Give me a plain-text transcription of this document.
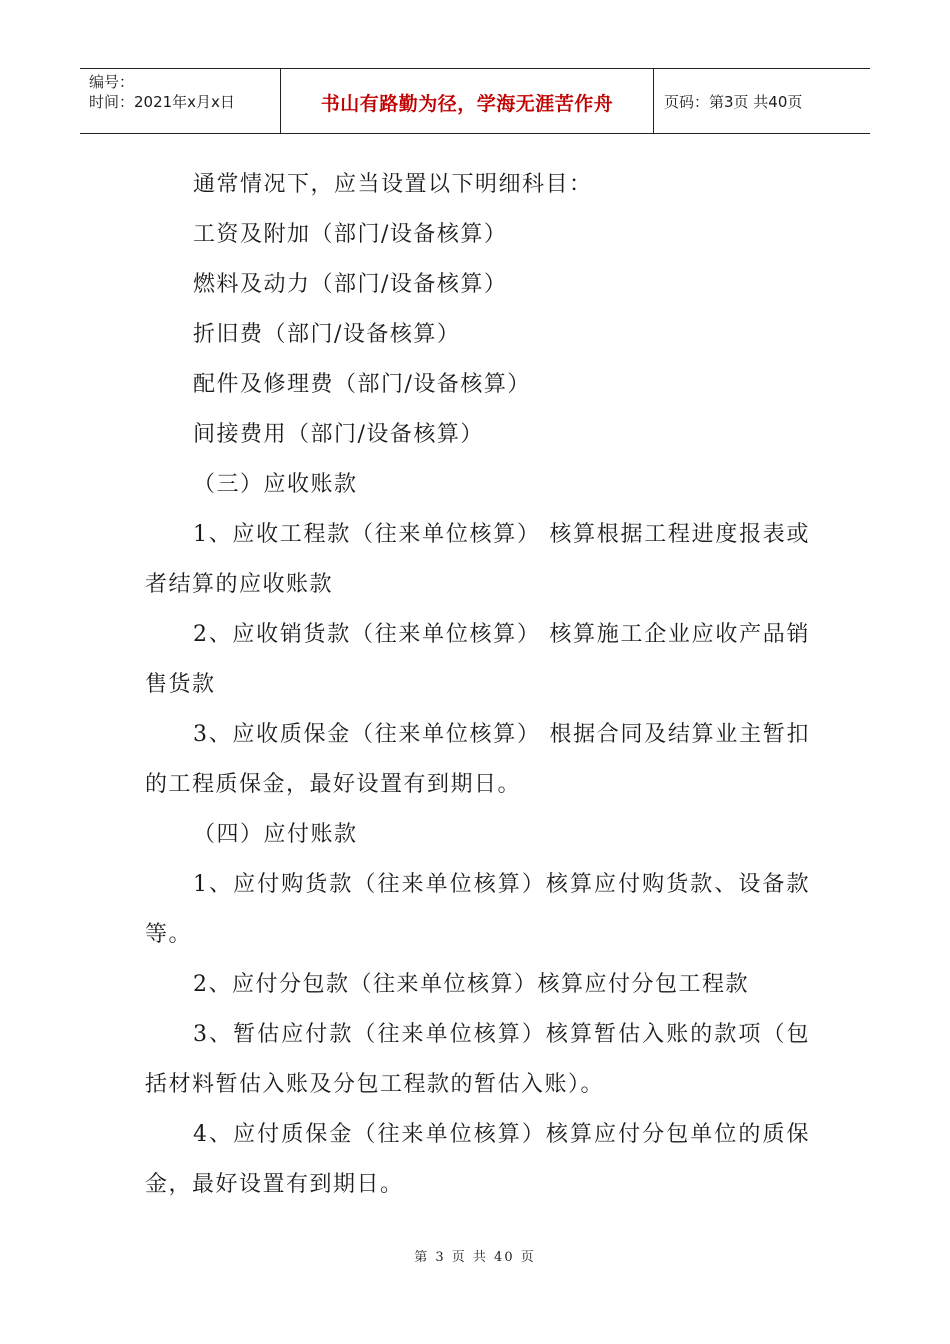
编号：
时间：2021年x月x日	书山有路勤为径，学海无涯苦作舟	页码：第3页 共40页

通常情况下，应当设置以下明细科目：

工资及附加（部门/设备核算）

燃料及动力（部门/设备核算）

折旧费（部门/设备核算）

配件及修理费（部门/设备核算）

间接费用（部门/设备核算）

（三）应收账款

1、应收工程款（往来单位核算） 核算根据工程进度报表或者结算的应收账款

2、应收销货款（往来单位核算） 核算施工企业应收产品销售货款

3、应收质保金（往来单位核算） 根据合同及结算业主暂扣的工程质保金，最好设置有到期日。

（四）应付账款

1、应付购货款（往来单位核算）核算应付购货款、设备款等。

2、应付分包款（往来单位核算）核算应付分包工程款

3、暂估应付款（往来单位核算）核算暂估入账的款项（包括材料暂估入账及分包工程款的暂估入账）。

4、应付质保金（往来单位核算）核算应付分包单位的质保金，最好设置有到期日。

第 3 页 共 40 页
